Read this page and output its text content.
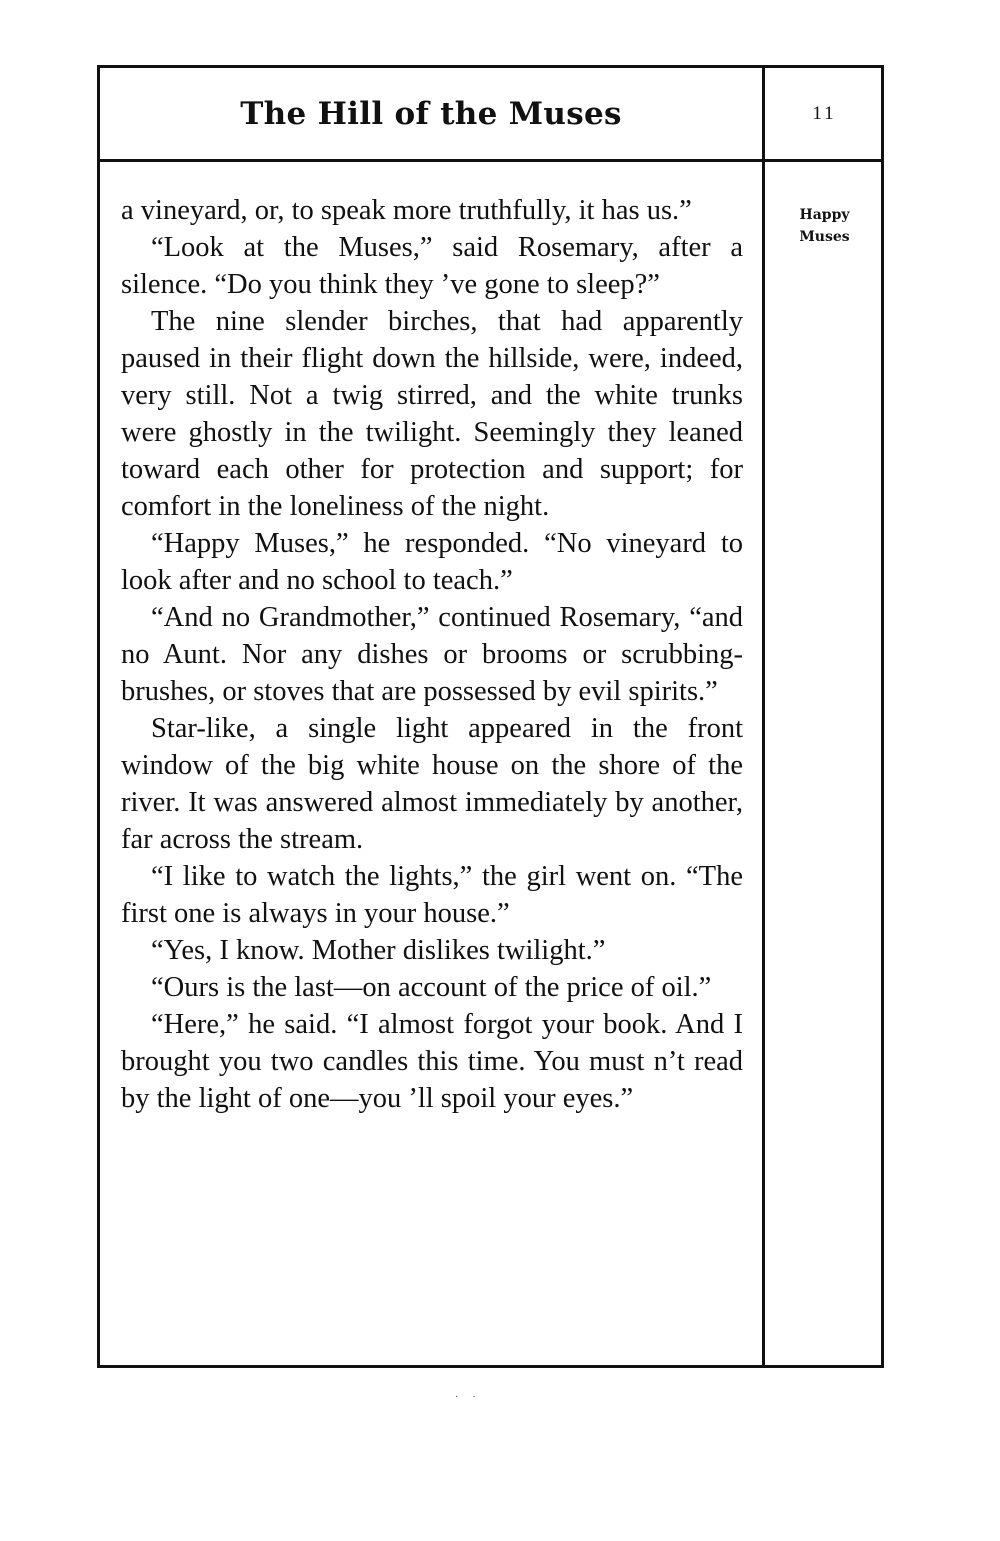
The Hill of the Muses	11

a vineyard, or, to speak more truthfully, it has us.”

“Look at the Muses,” said Rosemary, after a silence. “Do you think they ’ve gone to sleep?”

The nine slender birches, that had apparently paused in their flight down the hillside, were, indeed, very still. Not a twig stirred, and the white trunks were ghostly in the twilight. Seemingly they leaned toward each other for protection and support; for comfort in the loneliness of the night.

“Happy Muses,” he responded. “No vineyard to look after and no school to teach.”

“And no Grandmother,” continued Rosemary, “and no Aunt. Nor any dishes or brooms or scrubbing-brushes, or stoves that are possessed by evil spirits.”

Star-like, a single light appeared in the front window of the big white house on the shore of the river. It was answered almost immediately by another, far across the stream.

“I like to watch the lights,” the girl went on. “The first one is always in your house.”

“Yes, I know. Mother dislikes twilight.”

“Ours is the last—on account of the price of oil.”

“Here,” he said. “I almost forgot your book. And I brought you two candles this time. You must n’t read by the light of one—you ’ll spoil your eyes.”

Happy
Muses
··
